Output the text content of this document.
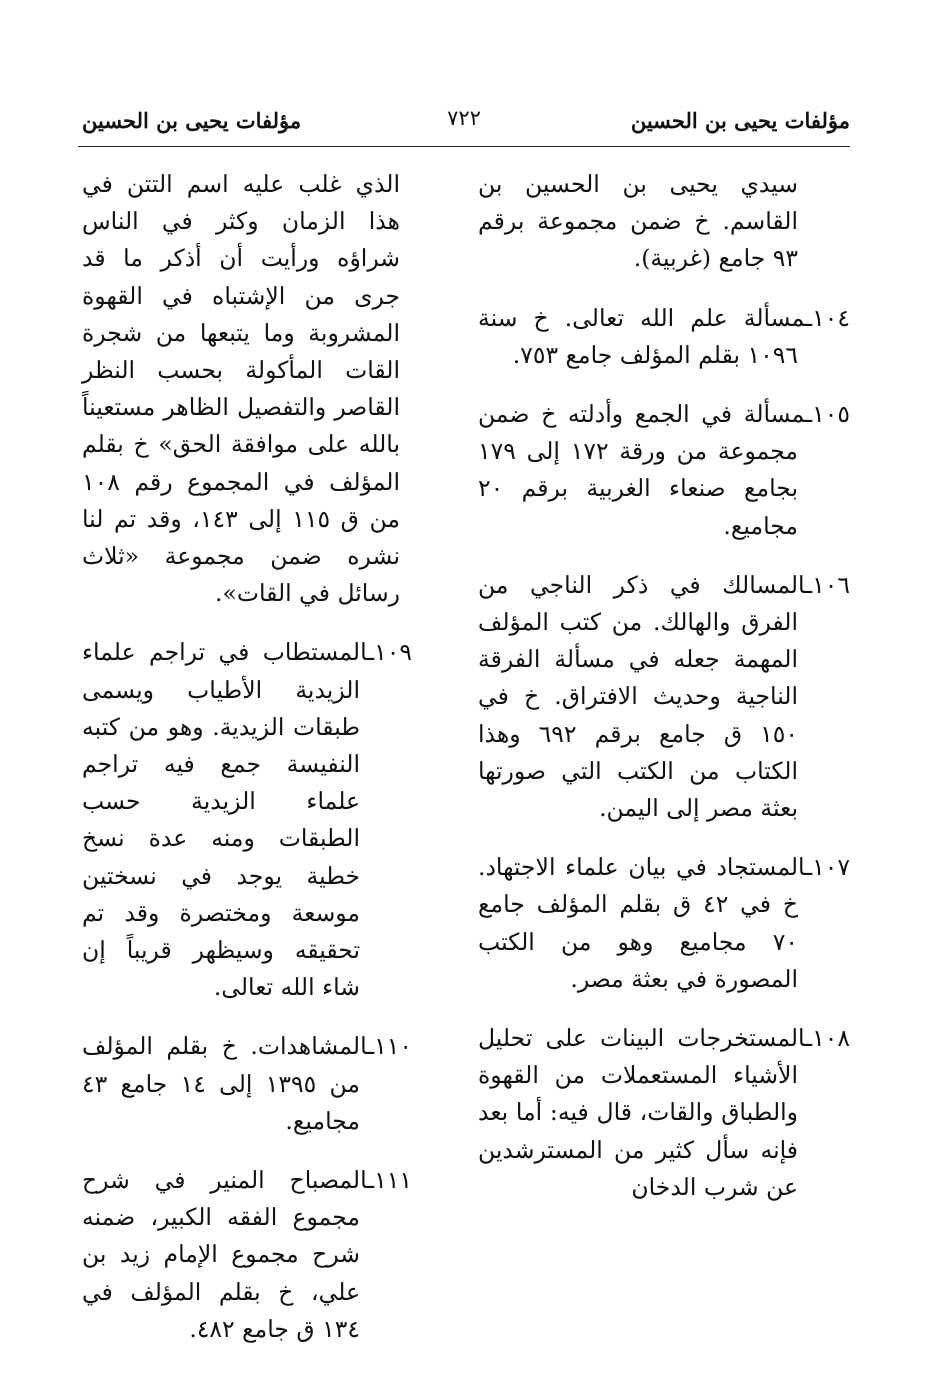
مؤلفات يحيى بن الحسين
٧٢٢
مؤلفات يحيى بن الحسين

سيدي يحيى بن الحسين بن القاسم. خ ضمن مجموعة برقم ٩٣ جامع (غربية).

١٠٤ـمسألة علم الله تعالى. خ سنة ١٠٩٦ بقلم المؤلف جامع ٧٥٣.

١٠٥ـمسألة في الجمع وأدلته خ ضمن مجموعة من ورقة ١٧٢ إلى ١٧٩ بجامع صنعاء الغربية برقم ٢٠ مجاميع.

١٠٦ـالمسالك في ذكر الناجي من الفرق والهالك. من كتب المؤلف المهمة جعله في مسألة الفرقة الناجية وحديث الافتراق. خ في ١٥٠ ق جامع برقم ٦٩٢ وهذا الكتاب من الكتب التي صورتها بعثة مصر إلى اليمن.

١٠٧ـالمستجاد في بيان علماء الاجتهاد. خ في ٤٢ ق بقلم المؤلف جامع ٧٠ مجاميع وهو من الكتب المصورة في بعثة مصر.

١٠٨ـالمستخرجات البينات على تحليل الأشياء المستعملات من القهوة والطباق والقات، قال فيه: أما بعد فإنه سأل كثير من المسترشدين عن شرب الدخان

الذي غلب عليه اسم التتن في هذا الزمان وكثر في الناس شراؤه ورأيت أن أذكر ما قد جرى من الإشتباه في القهوة المشروبة وما يتبعها من شجرة القات المأكولة بحسب النظر القاصر والتفصيل الظاهر مستعيناً بالله على موافقة الحق» خ بقلم المؤلف في المجموع رقم ١٠٨ من ق ١١٥ إلى ١٤٣، وقد تم لنا نشره ضمن مجموعة «ثلاث رسائل في القات».

١٠٩ـالمستطاب في تراجم علماء الزيدية الأطياب ويسمى طبقات الزيدية. وهو من كتبه النفيسة جمع فيه تراجم علماء الزيدية حسب الطبقات ومنه عدة نسخ خطية يوجد في نسختين موسعة ومختصرة وقد تم تحقيقه وسيظهر قريباً إن شاء الله تعالى.

١١٠ـالمشاهدات. خ بقلم المؤلف من ١٣٩٥ إلى ١٤ جامع ٤٣ مجاميع.

١١١ـالمصباح المنير في شرح مجموع الفقه الكبير، ضمنه شرح مجموع الإمام زيد بن علي، خ بقلم المؤلف في ١٣٤ ق جامع ٤٨٢.
